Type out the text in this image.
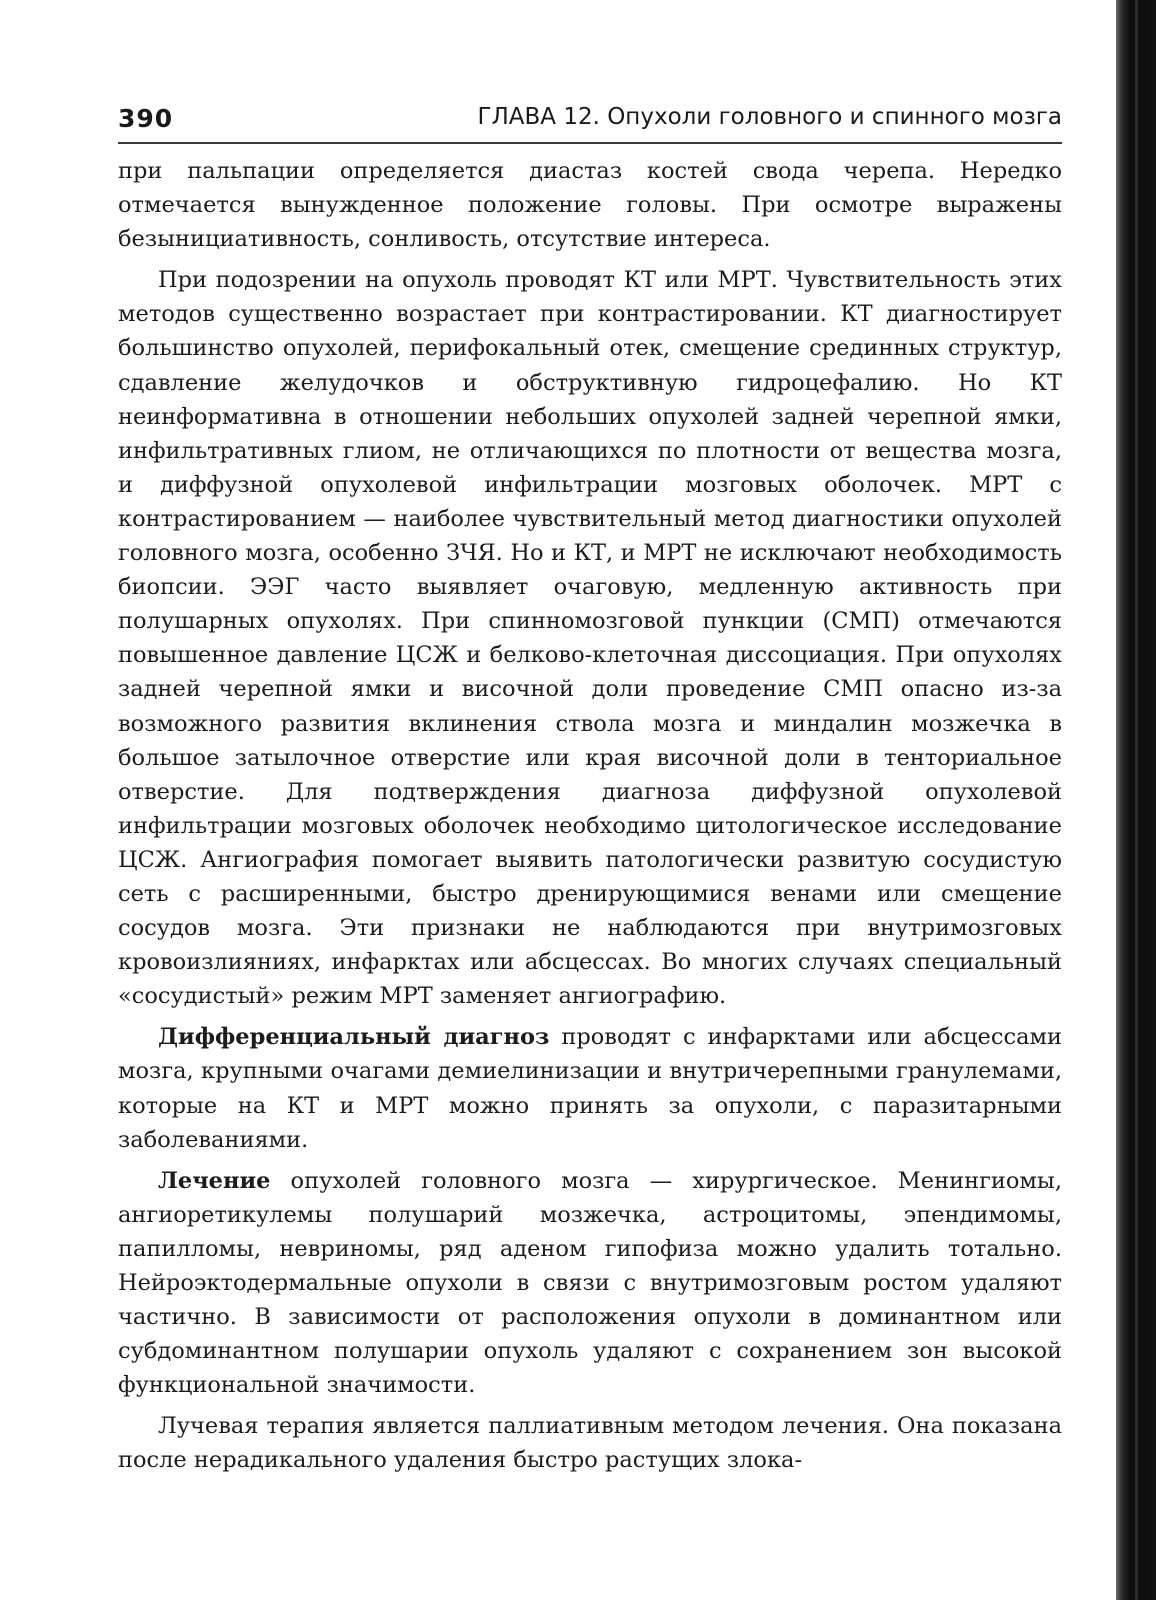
390	ГЛАВА 12. Опухоли головного и спинного мозга

при пальпации определяется диастаз костей свода черепа. Нередко отмечается вынужденное положение головы. При осмотре выражены безынициативность, сонливость, отсутствие интереса.

При подозрении на опухоль проводят КТ или МРТ. Чувствительность этих методов существенно возрастает при контрастировании. КТ диагностирует большинство опухолей, перифокальный отек, смещение срединных структур, сдавление желудочков и обструктивную гидроцефалию. Но КТ неинформативна в отношении небольших опухолей задней черепной ямки, инфильтративных глиом, не отличающихся по плотности от вещества мозга, и диффузной опухолевой инфильтрации мозговых оболочек. МРТ с контрастированием — наиболее чувствительный метод диагностики опухолей головного мозга, особенно ЗЧЯ. Но и КТ, и МРТ не исключают необходимость биопсии. ЭЭГ часто выявляет очаговую, медленную активность при полушарных опухолях. При спинномозговой пункции (СМП) отмечаются повышенное давление ЦСЖ и белково-клеточная диссоциация. При опухолях задней черепной ямки и височной доли проведение СМП опасно из-за возможного развития вклинения ствола мозга и миндалин мозжечка в большое затылочное отверстие или края височной доли в тенториальное отверстие. Для подтверждения диагноза диффузной опухолевой инфильтрации мозговых оболочек необходимо цитологическое исследование ЦСЖ. Ангиография помогает выявить патологически развитую сосудистую сеть с расширенными, быстро дренирующимися венами или смещение сосудов мозга. Эти признаки не наблюдаются при внутримозговых кровоизлияниях, инфарктах или абсцессах. Во многих случаях специальный «сосудистый» режим МРТ заменяет ангиографию.

Дифференциальный диагноз проводят с инфарктами или абсцессами мозга, крупными очагами демиелинизации и внутричерепными гранулемами, которые на КТ и МРТ можно принять за опухоли, с паразитарными заболеваниями.

Лечение опухолей головного мозга — хирургическое. Менингиомы, ангиоретикулемы полушарий мозжечка, астроцитомы, эпендимомы, папилломы, невриномы, ряд аденом гипофиза можно удалить тотально. Нейроэктодермальные опухоли в связи с внутримозговым ростом удаляют частично. В зависимости от расположения опухоли в доминантном или субдоминантном полушарии опухоль удаляют с сохранением зон высокой функциональной значимости.

Лучевая терапия является паллиативным методом лечения. Она показана после нерадикального удаления быстро растущих злока-
